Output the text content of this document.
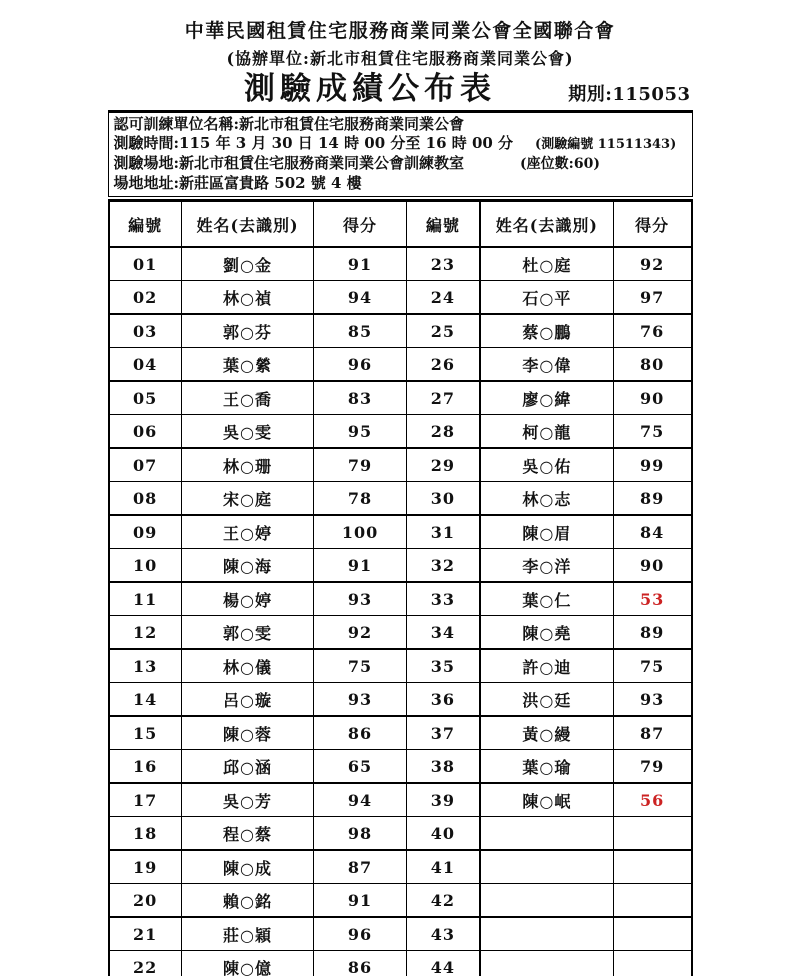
中華民國租賃住宅服務商業同業公會全國聯合會
(協辦單位:新北市租賃住宅服務商業同業公會)
測驗成績公布表	期別:115053
認可訓練單位名稱:新北市租賃住宅服務商業同業公會
測驗時間:115 年 3 月 30 日 14 時 00 分至 16 時 00 分 (測驗編號 11511343)
測驗場地:新北市租賃住宅服務商業同業公會訓練教室	(座位數:60)
場地地址:新莊區富貴路 502 號 4 樓
編號	姓名(去識別)	得分	編號	姓名(去識別)	得分
01	劉○金	91	23	杜○庭	92
02	林○禎	94	24	石○平	97
03	郭○芬	85	25	蔡○鵬	76
04	葉○縈	96	26	李○偉	80
05	王○喬	83	27	廖○緯	90
06	吳○雯	95	28	柯○龍	75
07	林○珊	79	29	吳○佑	99
08	宋○庭	78	30	林○志	89
09	王○婷	100	31	陳○眉	84
10	陳○海	91	32	李○洋	90
11	楊○婷	93	33	葉○仁	53
12	郭○雯	92	34	陳○堯	89
13	林○儀	75	35	許○迪	75
14	呂○璇	93	36	洪○廷	93
15	陳○蓉	86	37	黃○縵	87
16	邱○涵	65	38	葉○瑜	79
17	吳○芳	94	39	陳○岷	56
18	程○蔡	98	40		
19	陳○成	87	41		
20	賴○銘	91	42		
21	莊○穎	96	43		
22	陳○億	86	44		
